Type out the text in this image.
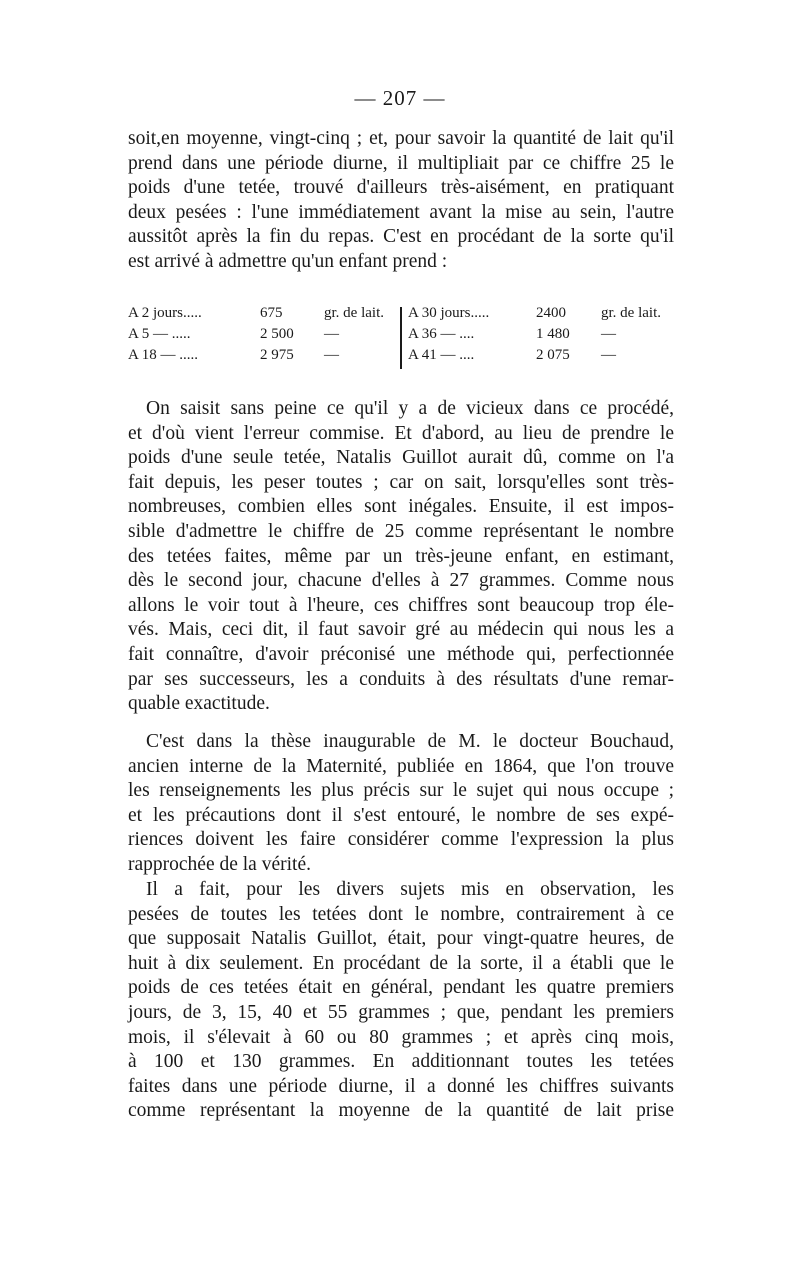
— 207 —

soit,en moyenne, vingt-cinq ; et, pour savoir la quantité de lait qu'il
prend dans une période diurne, il multipliait par ce chiffre 25 le
poids d'une tetée, trouvé d'ailleurs très-aisément, en pratiquant
deux pesées : l'une immédiatement avant la mise au sein, l'autre
aussitôt après la fin du repas. C'est en procédant de la sorte qu'il
est arrivé à admettre qu'un enfant prend :

A 2 jours.....	675	gr. de lait.
A 5 — .....	2 500 —
A 18 — .....	2 975 —
A 30 jours.....	2400 gr. de lait.
A 36 — ....	1 480 —
A 41 — ....	2 075 —

On saisit sans peine ce qu'il y a de vicieux dans ce procédé,
et d'où vient l'erreur commise. Et d'abord, au lieu de prendre le
poids d'une seule tetée, Natalis Guillot aurait dû, comme on l'a
fait depuis, les peser toutes ; car on sait, lorsqu'elles sont très-
nombreuses, combien elles sont inégales. Ensuite, il est impos-
sible d'admettre le chiffre de 25 comme représentant le nombre
des tetées faites, même par un très-jeune enfant, en estimant,
dès le second jour, chacune d'elles à 27 grammes. Comme nous
allons le voir tout à l'heure, ces chiffres sont beaucoup trop éle-
vés. Mais, ceci dit, il faut savoir gré au médecin qui nous les a
fait connaître, d'avoir préconisé une méthode qui, perfectionnée
par ses successeurs, les a conduits à des résultats d'une remar-
quable exactitude.

C'est dans la thèse inaugurable de M. le docteur Bouchaud,
ancien interne de la Maternité, publiée en 1864, que l'on trouve
les renseignements les plus précis sur le sujet qui nous occupe ;
et les précautions dont il s'est entouré, le nombre de ses expé-
riences doivent les faire considérer comme l'expression la plus
rapprochée de la vérité.

Il a fait, pour les divers sujets mis en observation, les
pesées de toutes les tetées dont le nombre, contrairement à ce
que supposait Natalis Guillot, était, pour vingt-quatre heures, de
huit à dix seulement. En procédant de la sorte, il a établi que le
poids de ces tetées était en général, pendant les quatre premiers
jours, de 3, 15, 40 et 55 grammes ; que, pendant les premiers
mois, il s'élevait à 60 ou 80 grammes ; et après cinq mois,
à 100 et 130 grammes. En additionnant toutes les tetées
faites dans une période diurne, il a donné les chiffres suivants
comme représentant la moyenne de la quantité de lait prise
